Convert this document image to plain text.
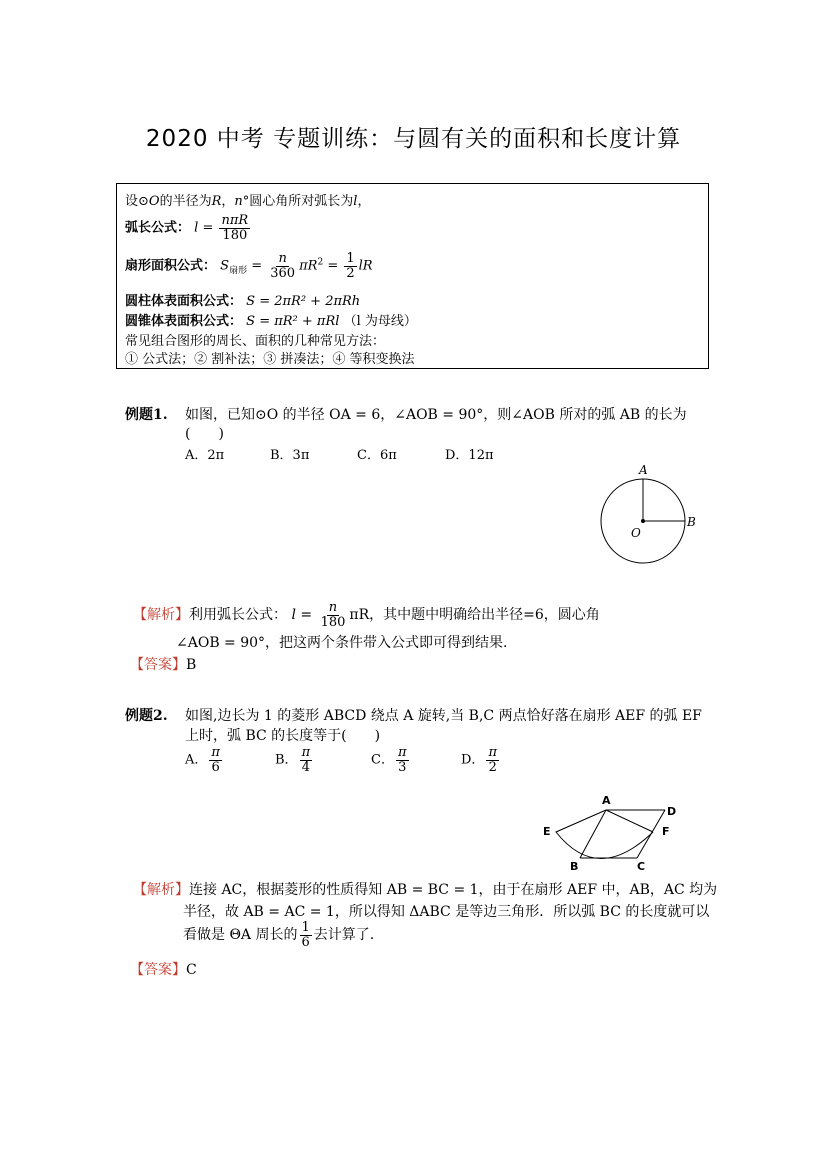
2020 中考 专题训练：与圆有关的面积和长度计算
设⊙O的半径为R，n°圆心角所对弧长为l，
弧长公式： $l = \frac{\text{nπR}}{180}$
扇形面积公式： $S_{扇形} = \frac{n}{360} \pi R^2 = \frac{1}{2}$ lR
圆柱体表面积公式： S = 2πR² + 2πRh
圆锥体表面积公式： S = πR² + πRl （l 为母线）
常见组合图形的周长、面积的几种常见方法：
① 公式法；② 割补法；③ 拼凑法；④ 等积变换法
例题1. 如图，已知⊙O 的半径 OA = 6，∠AOB = 90°，则∠AOB 所对的弧 AB 的长为
(　　)
A．2π	B．3π	C．6π	D．12π
A
B
O
【解析】利用弧长公式： $l = \frac{n}{180}$ πR，其中题中明确给出半径=6，圆心角
∠AOB = 90°，把这两个条件带入公式即可得到结果.
【答案】B
例题2. 如图,边长为 1 的菱形 ABCD 绕点 A 旋转,当 B,C 两点恰好落在扇形 AEF 的弧 EF
上时，弧 BC 的长度等于(　　)
A． $\frac{\pi}{6}$	B． $\frac{\pi}{4}$	C． $\frac{\pi}{3}$	D． $\frac{\pi}{2}$
A
D
E	F
B	C
【解析】连接 AC，根据菱形的性质得知 AB = BC = 1，由于在扇形 AEF 中，AB，AC 均为
半径，故 AB = AC = 1，所以得知 ΔABC 是等边三角形．所以弧 BC 的长度就可以
看做是 ΘA 周长的 $\frac{1}{6}$ 去计算了.
【答案】C
